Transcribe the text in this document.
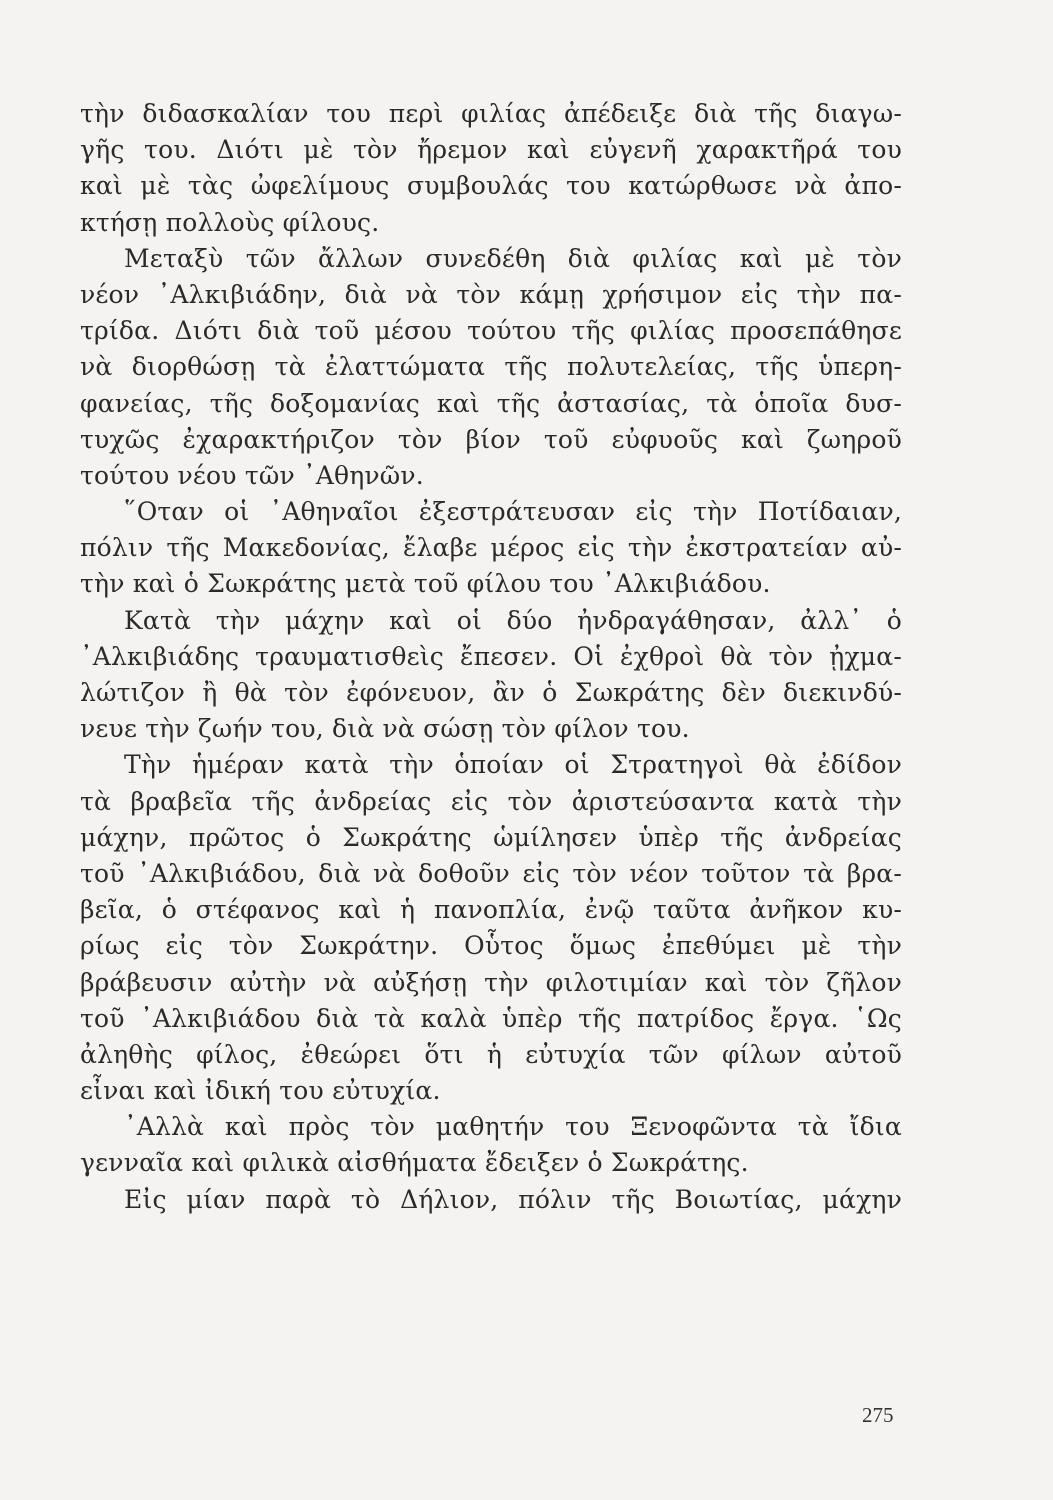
τὴν διδασκαλίαν του περὶ φιλίας ἀπέδειξε διὰ τῆς διαγω-
γῆς του. Διότι μὲ τὸν ἤρεμον καὶ εὐγενῆ χαρακτῆρά του
καὶ μὲ τὰς ὠφελίμους συμβουλάς του κατώρθωσε νὰ ἀπο-
κτήσῃ πολλοὺς φίλους.
Μεταξὺ τῶν ἄλλων συνεδέθη διὰ φιλίας καὶ μὲ τὸν
νέον ᾿Αλκιβιάδην, διὰ νὰ τὸν κάμῃ χρήσιμον εἰς τὴν πα-
τρίδα. Διότι διὰ τοῦ μέσου τούτου τῆς φιλίας προσεπάθησε
νὰ διορθώσῃ τὰ ἐλαττώματα τῆς πολυτελείας, τῆς ὑπερη-
φανείας, τῆς δοξομανίας καὶ τῆς ἀστασίας, τὰ ὁποῖα δυσ-
τυχῶς ἐχαρακτήριζον τὸν βίον τοῦ εὐφυοῦς καὶ ζωηροῦ
τούτου νέου τῶν ᾿Αθηνῶν.
῞Οταν οἱ ᾿Αθηναῖοι ἐξεστράτευσαν εἰς τὴν Ποτίδαιαν,
πόλιν τῆς Μακεδονίας, ἔλαβε μέρος εἰς τὴν ἐκστρατείαν αὐ-
τὴν καὶ ὁ Σωκράτης μετὰ τοῦ φίλου του ᾿Αλκιβιάδου.
Κατὰ τὴν μάχην καὶ οἱ δύο ἠνδραγάθησαν, ἀλλ᾿ ὁ
᾿Αλκιβιάδης τραυματισθεὶς ἔπεσεν. Οἱ ἐχθροὶ θὰ τὸν ᾐχμα-
λώτιζον ἢ θὰ τὸν ἐφόνευον, ἂν ὁ Σωκράτης δὲν διεκινδύ-
νευε τὴν ζωήν του, διὰ νὰ σώσῃ τὸν φίλον του.
Τὴν ἡμέραν κατὰ τὴν ὁποίαν οἱ Στρατηγοὶ θὰ ἐδίδον
τὰ βραβεῖα τῆς ἀνδρείας εἰς τὸν ἀριστεύσαντα κατὰ τὴν
μάχην, πρῶτος ὁ Σωκράτης ὡμίλησεν ὑπὲρ τῆς ἀνδρείας
τοῦ ᾿Αλκιβιάδου, διὰ νὰ δοθοῦν εἰς τὸν νέον τοῦτον τὰ βρα-
βεῖα, ὁ στέφανος καὶ ἡ πανοπλία, ἐνῷ ταῦτα ἀνῆκον κυ-
ρίως εἰς τὸν Σωκράτην. Οὗτος ὅμως ἐπεθύμει μὲ τὴν
βράβευσιν αὐτὴν νὰ αὐξήσῃ τὴν φιλοτιμίαν καὶ τὸν ζῆλον
τοῦ ᾿Αλκιβιάδου διὰ τὰ καλὰ ὑπὲρ τῆς πατρίδος ἔργα. ῾Ως
ἀληθὴς φίλος, ἐθεώρει ὅτι ἡ εὐτυχία τῶν φίλων αὐτοῦ
εἶναι καὶ ἰδική του εὐτυχία.
᾿Αλλὰ καὶ πρὸς τὸν μαθητήν του Ξενοφῶντα τὰ ἴδια
γενναῖα καὶ φιλικὰ αἰσθήματα ἔδειξεν ὁ Σωκράτης.
Εἰς μίαν παρὰ τὸ Δήλιον, πόλιν τῆς Βοιωτίας, μάχην
275
